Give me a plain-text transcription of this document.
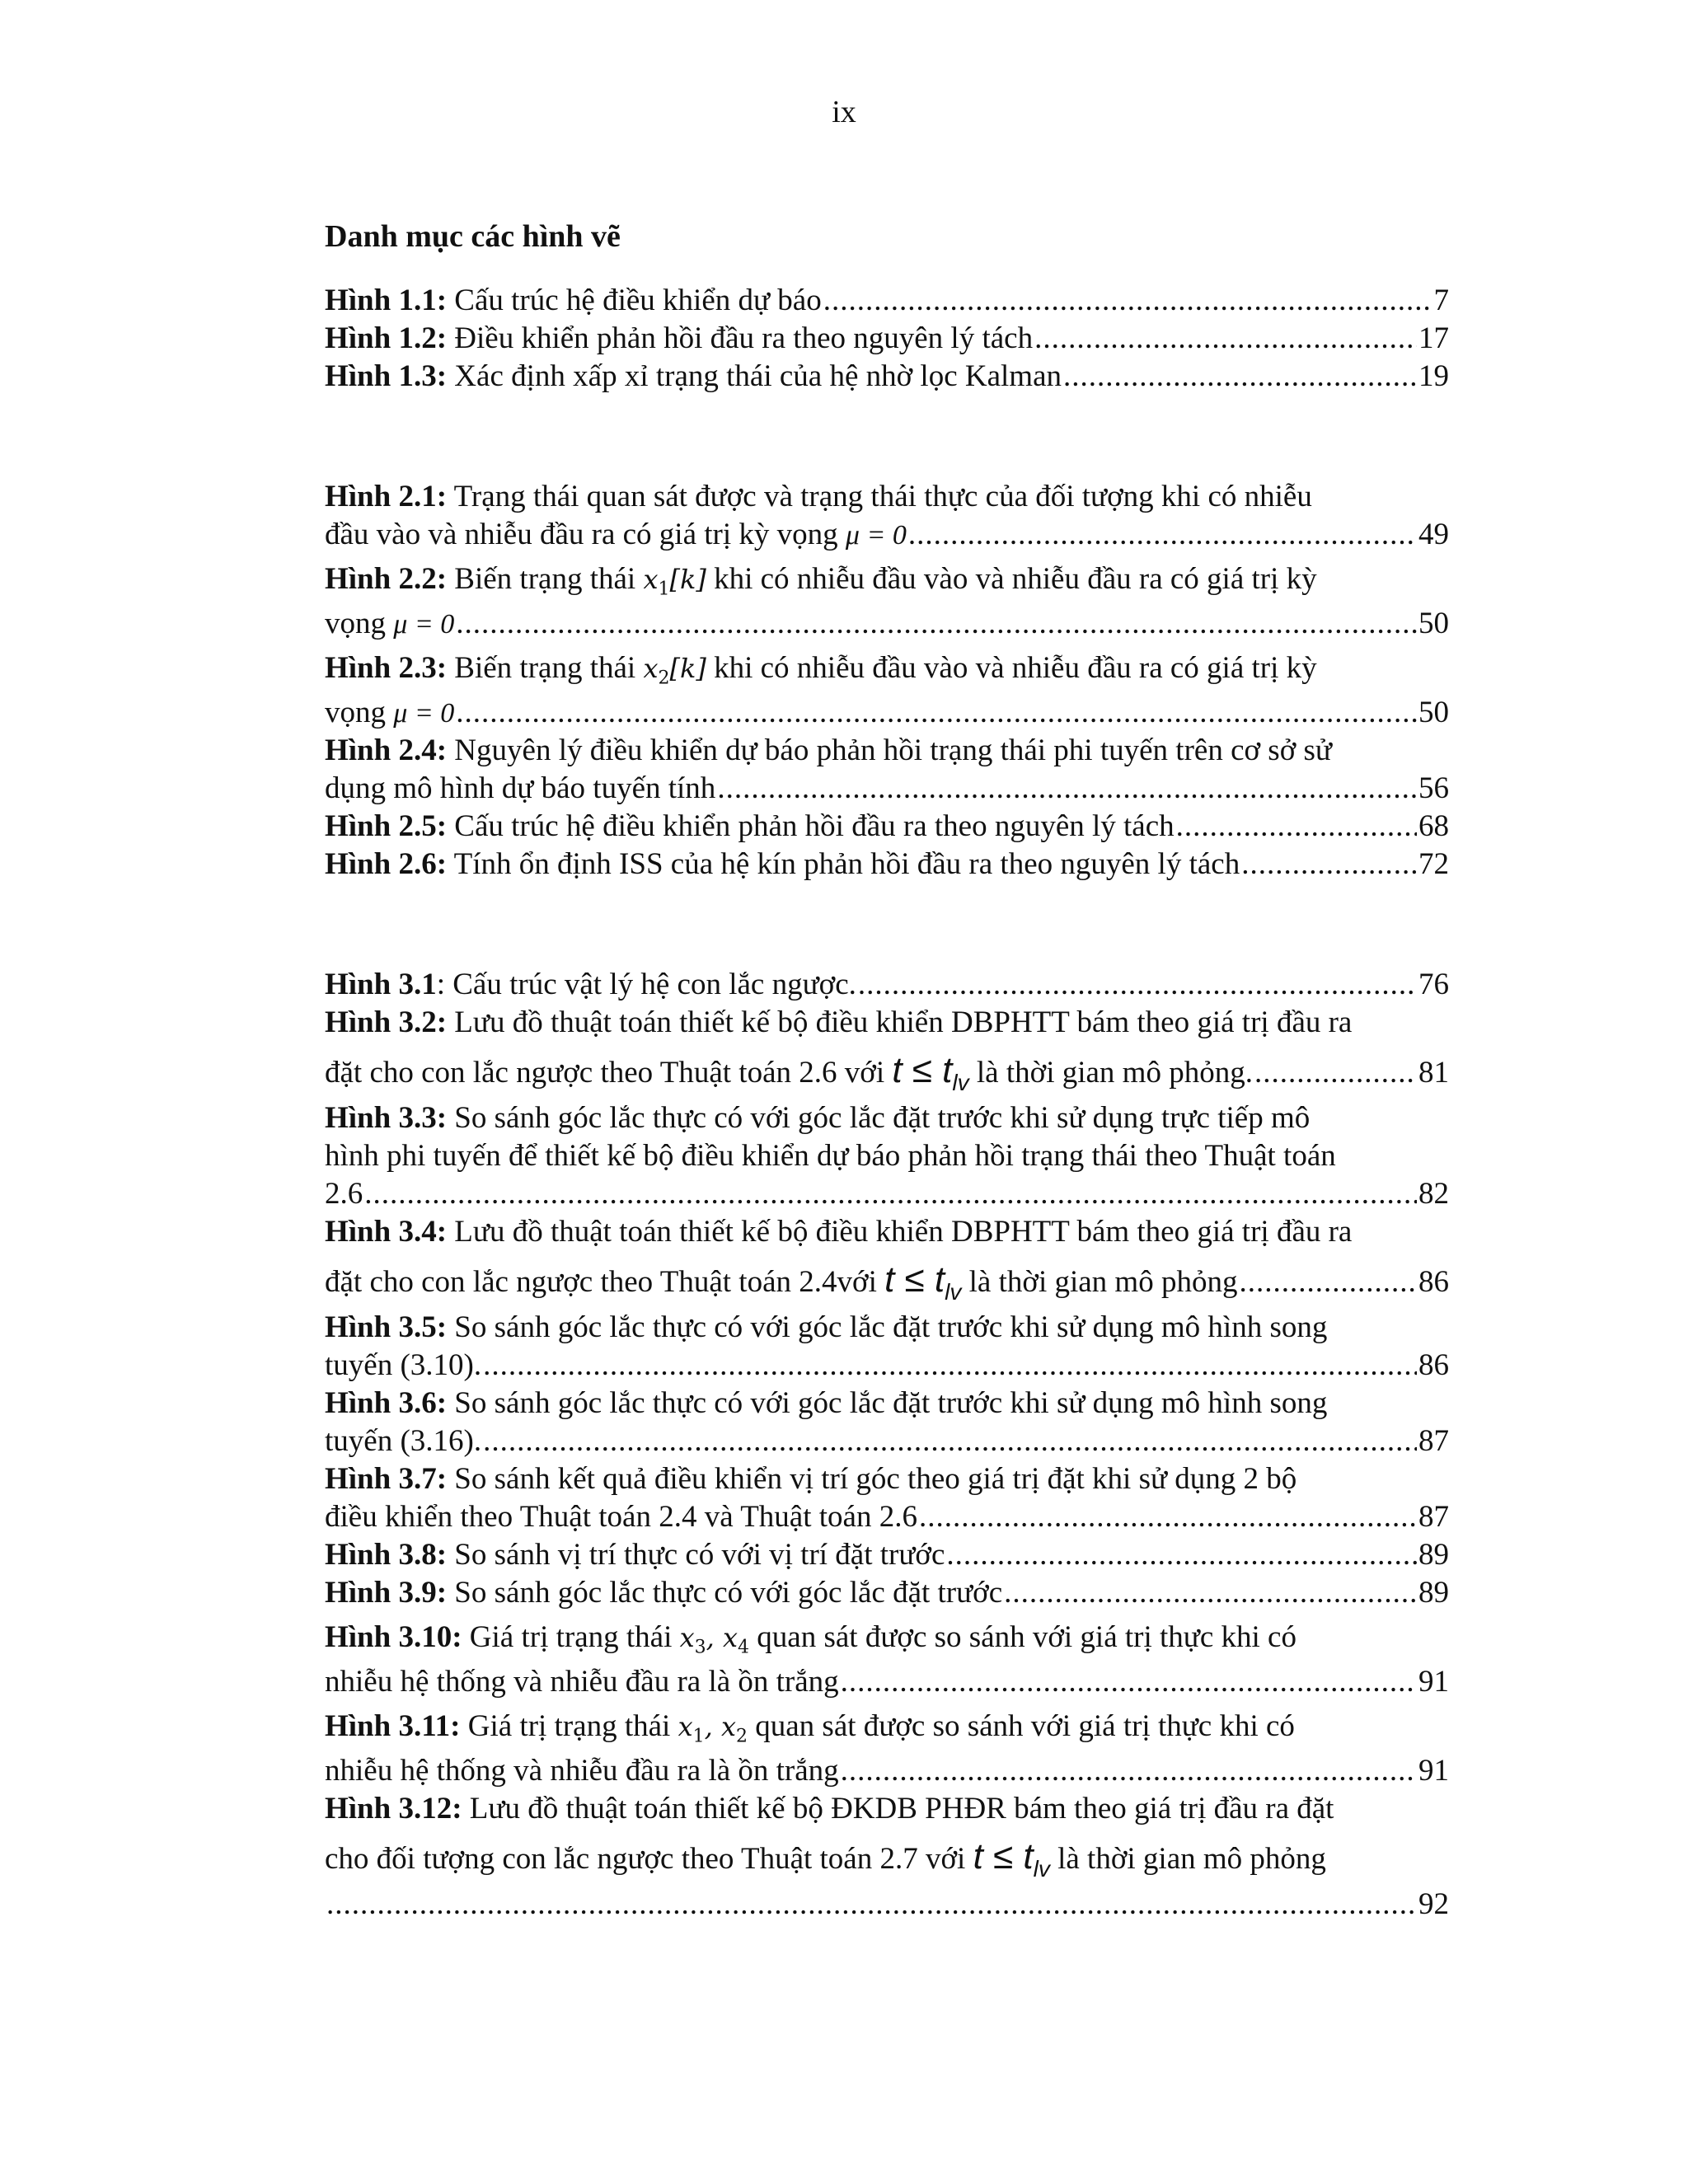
ix
Danh mục các hình vẽ
Hình 1.1: Cấu trúc hệ điều khiển dự báo .....	7
Hình 1.2: Điều khiển phản hồi đầu ra theo nguyên lý tách .....	17
Hình 1.3: Xác định xấp xỉ trạng thái của hệ nhờ lọc Kalman .....	19
Hình 2.1: Trạng thái quan sát được và trạng thái thực của đối tượng khi có nhiễu
đầu vào và nhiễu đầu ra có giá trị kỳ vọng μ = 0 .....	49
Hình 2.2: Biến trạng thái $x_1[k]$ khi có nhiễu đầu vào và nhiễu đầu ra có giá trị kỳ
vọng μ = 0 .....	50
Hình 2.3: Biến trạng thái $x_2[k]$ khi có nhiễu đầu vào và nhiễu đầu ra có giá trị kỳ
vọng μ = 0 .....	50
Hình 2.4: Nguyên lý điều khiển dự báo phản hồi trạng thái phi tuyến trên cơ sở sử
dụng mô hình dự báo tuyến tính .....	56
Hình 2.5: Cấu trúc hệ điều khiển phản hồi đầu ra theo nguyên lý tách .....	68
Hình 2.6: Tính ổn định ISS của hệ kín phản hồi đầu ra theo nguyên lý tách .....	72
Hình 3.1: Cấu trúc vật lý hệ con lắc ngược. .....	76
Hình 3.2: Lưu đồ thuật toán thiết kế bộ điều khiển DBPHTT bám theo giá trị đầu ra
đặt cho con lắc ngược theo Thuật toán 2.6 với $t \le t_{lv}$ là thời gian mô phỏng. .....	81
Hình 3.3: So sánh góc lắc thực có với góc lắc đặt trước khi sử dụng trực tiếp mô
hình phi tuyến để thiết kế bộ điều khiển dự báo phản hồi trạng thái theo Thuật toán
2.6 .....	82
Hình 3.4: Lưu đồ thuật toán thiết kế bộ điều khiển DBPHTT bám theo giá trị đầu ra
đặt cho con lắc ngược theo Thuật toán 2.4với $t \le t_{lv}$ là thời gian mô phỏng .....	86
Hình 3.5: So sánh góc lắc thực có với góc lắc đặt trước khi sử dụng mô hình song
tuyến (3.10). .....	86
Hình 3.6: So sánh góc lắc thực có với góc lắc đặt trước khi sử dụng mô hình song
tuyến (3.16). .....	87
Hình 3.7: So sánh kết quả điều khiển vị trí góc theo giá trị đặt khi sử dụng 2 bộ
điều khiển theo Thuật toán 2.4 và Thuật toán 2.6 .....	87
Hình 3.8: So sánh vị trí thực có với vị trí đặt trước .....	89
Hình 3.9: So sánh góc lắc thực có với góc lắc đặt trước .....	89
Hình 3.10: Giá trị trạng thái $x_3$, $x_4$ quan sát được so sánh với giá trị thực khi có
nhiễu hệ thống và nhiễu đầu ra là ồn trắng .....	91
Hình 3.11: Giá trị trạng thái $x_1$, $x_2$ quan sát được so sánh với giá trị thực khi có
nhiễu hệ thống và nhiễu đầu ra là ồn trắng .....	91
Hình 3.12: Lưu đồ thuật toán thiết kế bộ ĐKDB PHĐR bám theo giá trị đầu ra đặt
cho đối tượng con lắc ngược theo Thuật toán 2.7 với $t \le t_{lv}$ là thời gian mô phỏng
.....
92
